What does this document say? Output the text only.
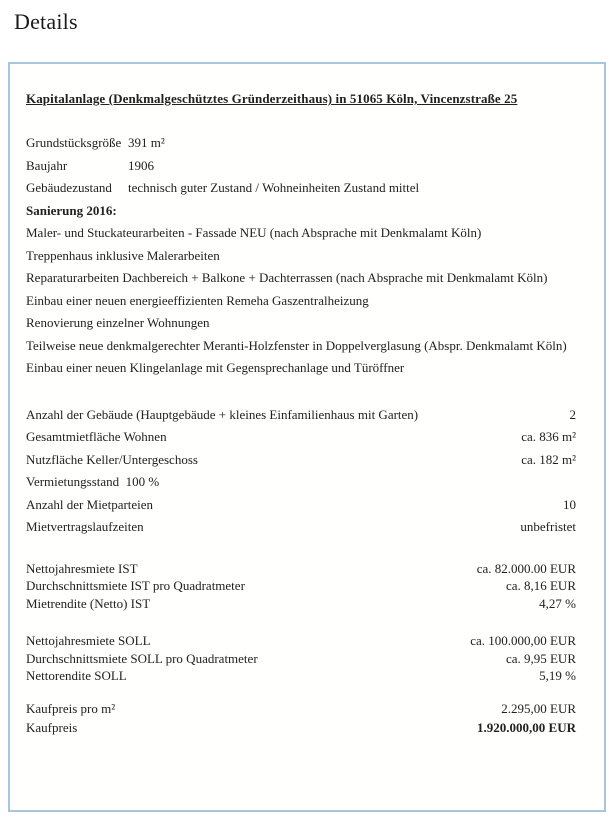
Details
Kapitalanlage (Denkmalgeschütztes Gründerzeithaus) in 51065 Köln, Vincenzstraße 25
Grundstücksgröße 391 m²
Baujahr	1906
Gebäudezustand	technisch guter Zustand / Wohneinheiten Zustand mittel
Sanierung 2016:
Maler- und Stuckateurarbeiten - Fassade NEU (nach Absprache mit Denkmalamt Köln)
Treppenhaus inklusive Malerarbeiten
Reparaturarbeiten Dachbereich + Balkone + Dachterrassen (nach Absprache mit Denkmalamt Köln)
Einbau einer neuen energieeffizienten Remeha Gaszentralheizung
Renovierung einzelner Wohnungen
Teilweise neue denkmalgerechter Meranti-Holzfenster in Doppelverglasung (Abspr. Denkmalamt Köln)
Einbau einer neuen Klingelanlage mit Gegensprechanlage und Türöffner
Anzahl der Gebäude (Hauptgebäude + kleines Einfamilienhaus mit Garten)	2
Gesamtmietfläche Wohnen	ca. 836 m²
Nutzfläche Keller/Untergeschoss	ca. 182 m²
Vermietungsstand  100 %
Anzahl der Mietparteien	10
Mietvertragslaufzeiten	unbefristet
Nettojahresmiete IST	ca. 82.000.00 EUR
Durchschnittsmiete IST pro Quadratmeter	ca. 8,16 EUR
Mietrendite (Netto) IST	4,27 %
Nettojahresmiete SOLL	ca. 100.000,00 EUR
Durchschnittsmiete SOLL pro Quadratmeter	ca. 9,95 EUR
Nettorendite SOLL	5,19 %
Kaufpreis pro m²	2.295,00 EUR
Kaufpreis	1.920.000,00 EUR
